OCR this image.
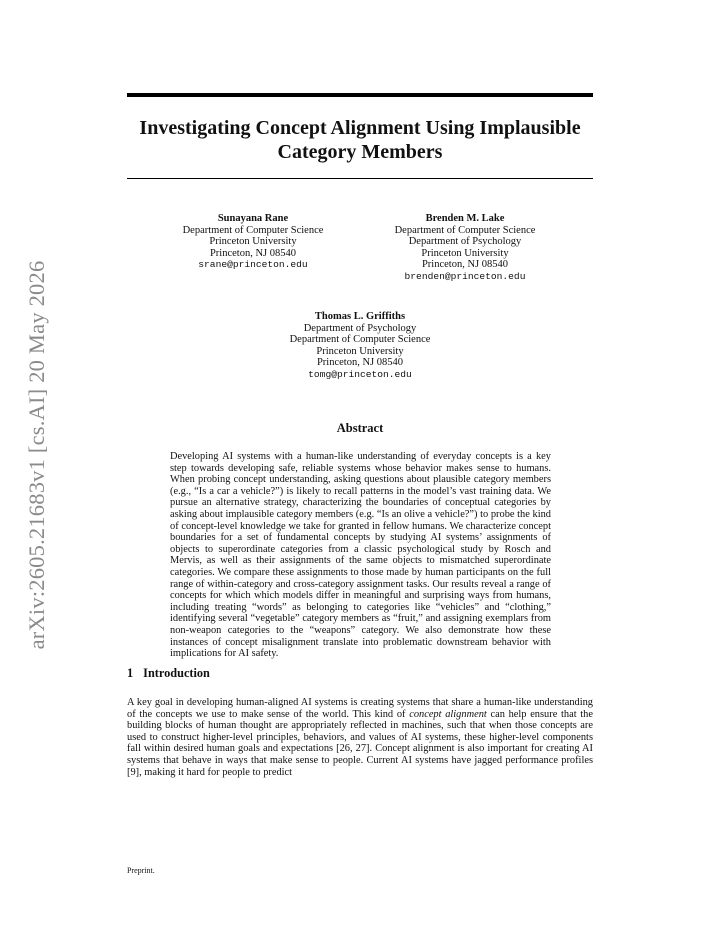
arXiv:2605.21683v1 [cs.AI] 20 May 2026
Investigating Concept Alignment Using Implausible Category Members
Sunayana Rane
Department of Computer Science
Princeton University
Princeton, NJ 08540
srane@princeton.edu
Brenden M. Lake
Department of Computer Science
Department of Psychology
Princeton University
Princeton, NJ 08540
brenden@princeton.edu
Thomas L. Griffiths
Department of Psychology
Department of Computer Science
Princeton University
Princeton, NJ 08540
tomg@princeton.edu
Abstract

Developing AI systems with a human-like understanding of everyday concepts is a key step towards developing safe, reliable systems whose behavior makes sense to humans. When probing concept understanding, asking questions about plausible category members (e.g., “Is a car a vehicle?”) is likely to recall patterns in the model’s vast training data. We pursue an alternative strategy, characterizing the boundaries of conceptual categories by asking about implausible category members (e.g. “Is an olive a vehicle?”) to probe the kind of concept-level knowledge we take for granted in fellow humans. We characterize concept boundaries for a set of fundamental concepts by studying AI systems’ assignments of objects to superordinate categories from a classic psychological study by Rosch and Mervis, as well as their assignments of the same objects to mismatched superordinate categories. We compare these assignments to those made by human participants on the full range of within-category and cross-category assignment tasks. Our results reveal a range of concepts for which which models differ in meaningful and surprising ways from humans, including treating “words” as belonging to categories like “vehicles” and “clothing,” identifying several “vegetable” category members as “fruit,” and assigning exemplars from non-weapon categories to the “weapons” category. We also demonstrate how these instances of concept misalignment translate into problematic downstream behavior with implications for AI safety.

1 Introduction

A key goal in developing human-aligned AI systems is creating systems that share a human-like understanding of the concepts we use to make sense of the world. This kind of concept alignment can help ensure that the building blocks of human thought are appropriately reflected in machines, such that when those concepts are used to construct higher-level principles, behaviors, and values of AI systems, these higher-level components fall within desired human goals and expectations [26, 27]. Concept alignment is also important for creating AI systems that behave in ways that make sense to people. Current AI systems have jagged performance profiles [9], making it hard for people to predict

Preprint.
